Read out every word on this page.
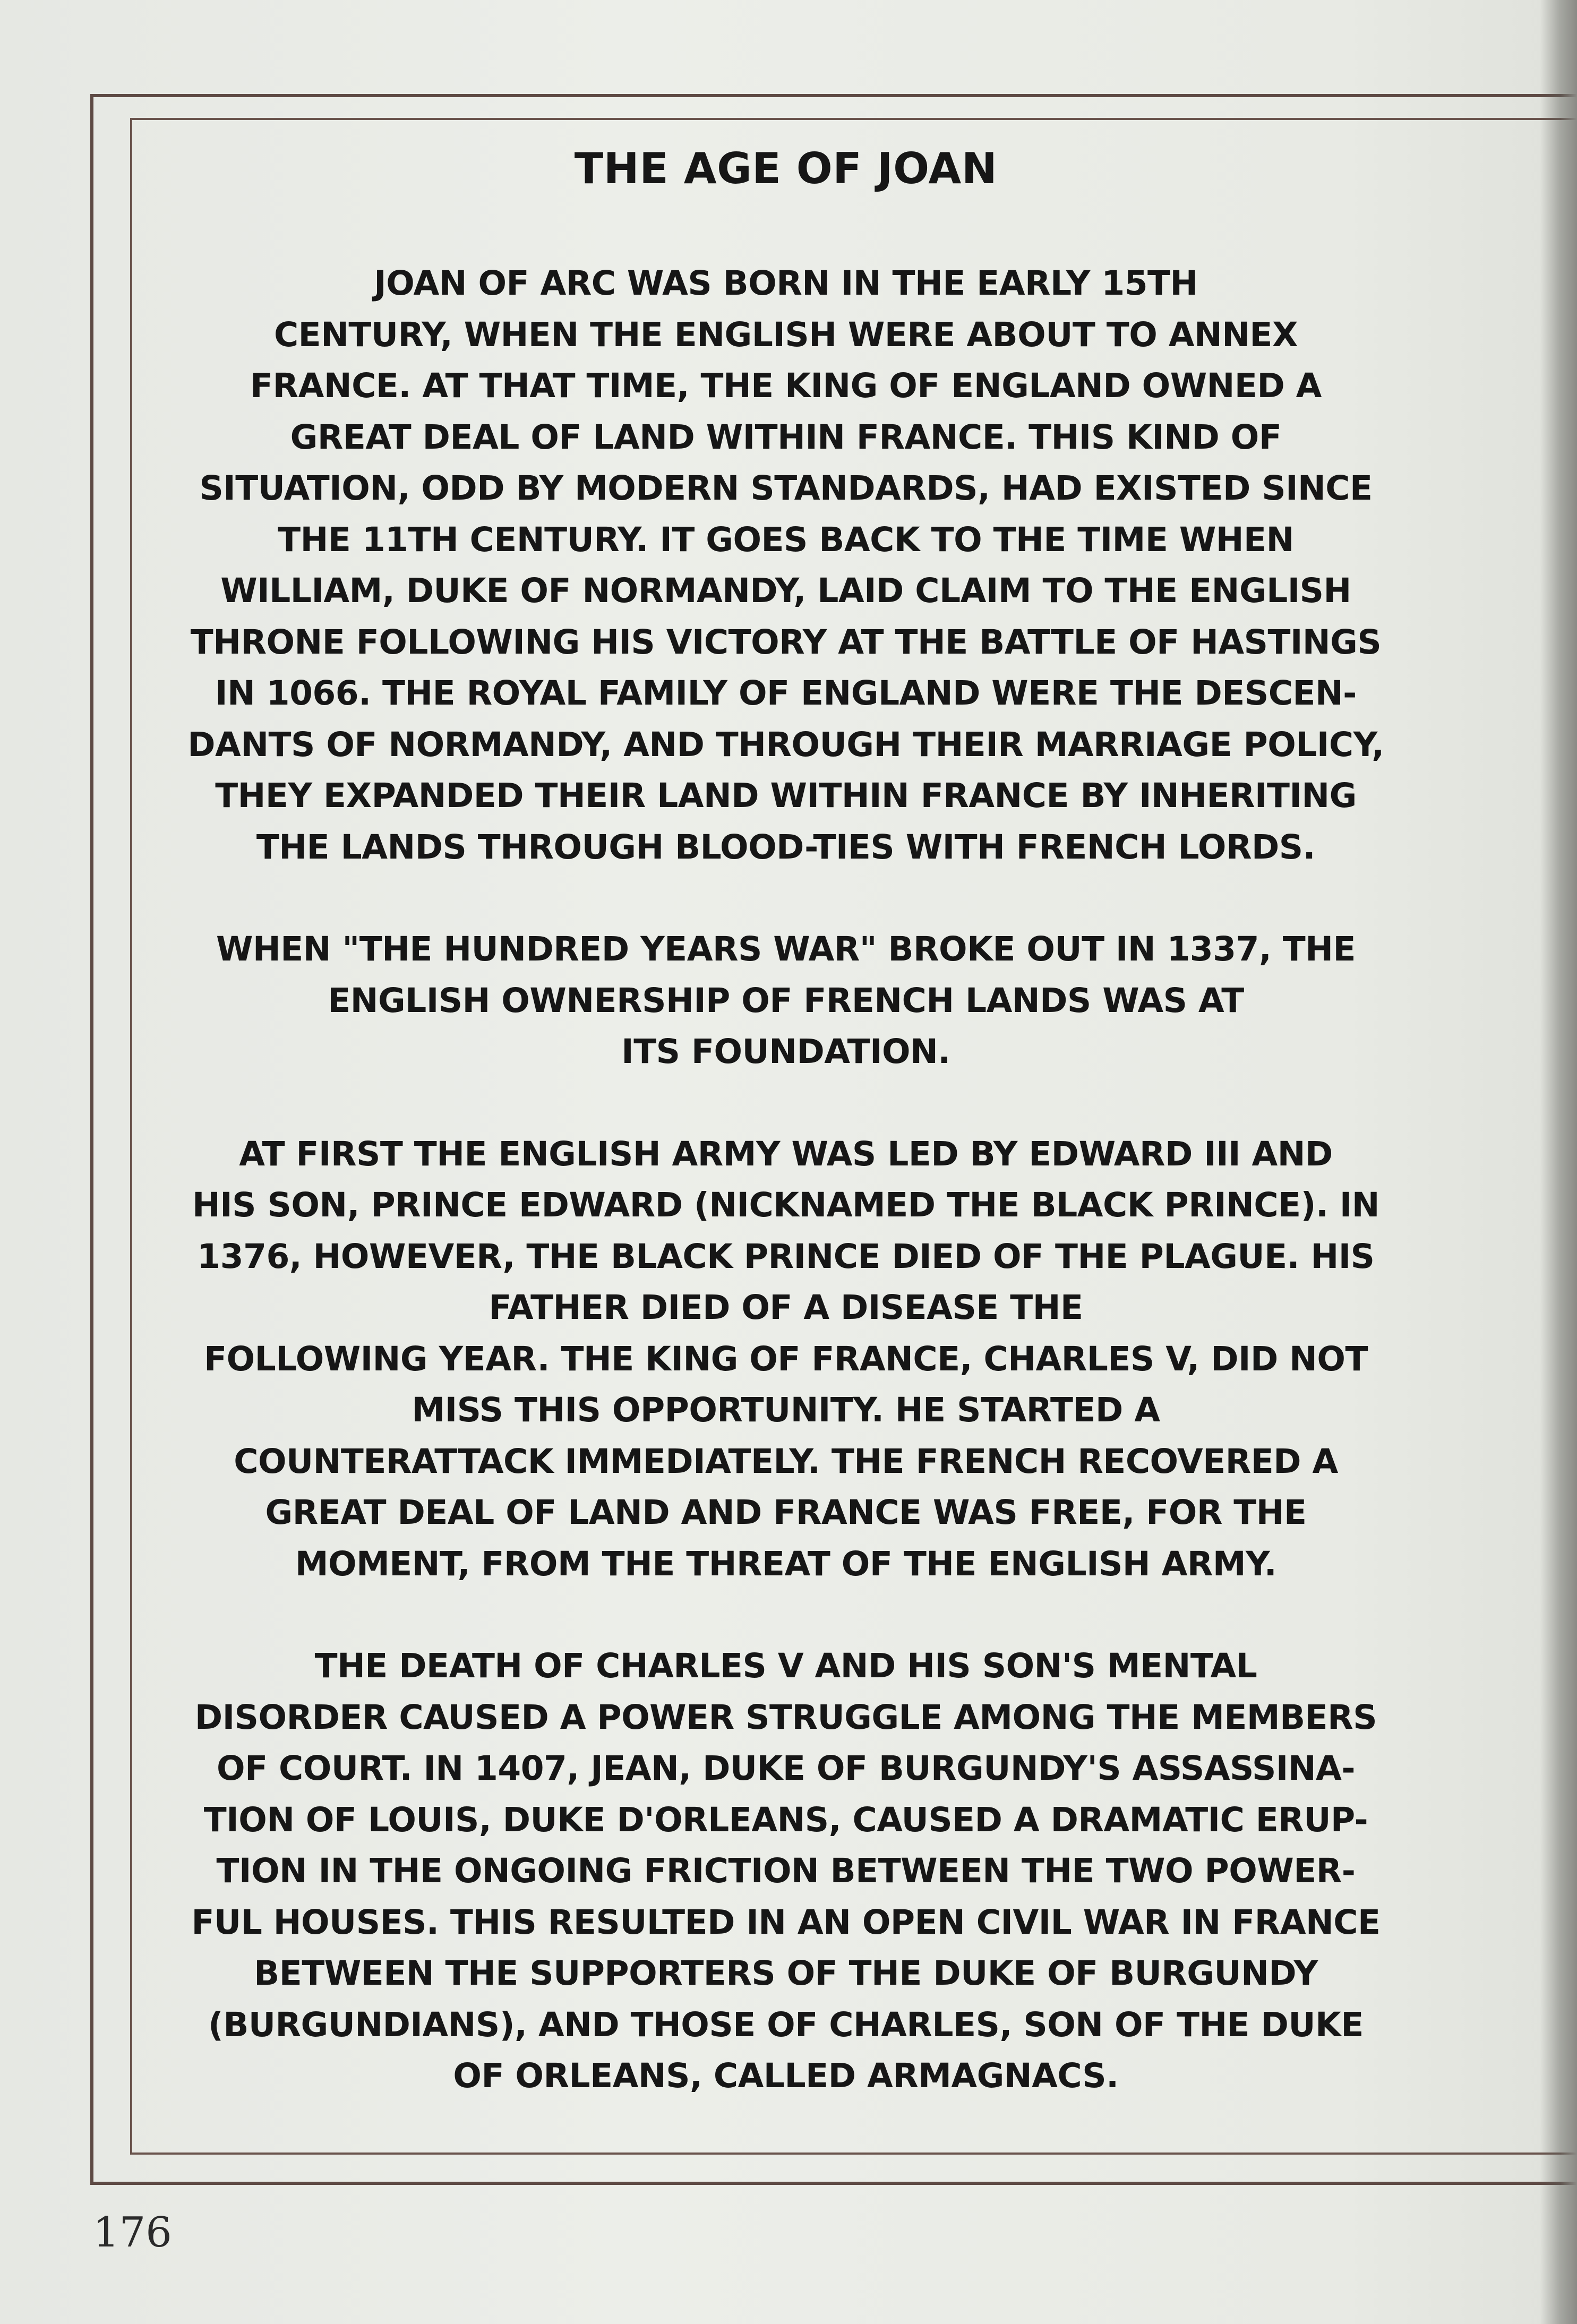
THE AGE OF JOAN
JOAN OF ARC WAS BORN IN THE EARLY 15TH
CENTURY, WHEN THE ENGLISH WERE ABOUT TO ANNEX
FRANCE. AT THAT TIME, THE KING OF ENGLAND OWNED A
GREAT DEAL OF LAND WITHIN FRANCE. THIS KIND OF
SITUATION, ODD BY MODERN STANDARDS, HAD EXISTED SINCE
THE 11TH CENTURY. IT GOES BACK TO THE TIME WHEN
WILLIAM, DUKE OF NORMANDY, LAID CLAIM TO THE ENGLISH
THRONE FOLLOWING HIS VICTORY AT THE BATTLE OF HASTINGS
IN 1066. THE ROYAL FAMILY OF ENGLAND WERE THE DESCEN-
DANTS OF NORMANDY, AND THROUGH THEIR MARRIAGE POLICY,
THEY EXPANDED THEIR LAND WITHIN FRANCE BY INHERITING
THE LANDS THROUGH BLOOD-TIES WITH FRENCH LORDS.
WHEN "THE HUNDRED YEARS WAR" BROKE OUT IN 1337, THE
ENGLISH OWNERSHIP OF FRENCH LANDS WAS AT
ITS FOUNDATION.
AT FIRST THE ENGLISH ARMY WAS LED BY EDWARD III AND
HIS SON, PRINCE EDWARD (NICKNAMED THE BLACK PRINCE). IN
1376, HOWEVER, THE BLACK PRINCE DIED OF THE PLAGUE. HIS
FATHER DIED OF A DISEASE THE
FOLLOWING YEAR. THE KING OF FRANCE, CHARLES V, DID NOT
MISS THIS OPPORTUNITY. HE STARTED A
COUNTERATTACK IMMEDIATELY. THE FRENCH RECOVERED A
GREAT DEAL OF LAND AND FRANCE WAS FREE, FOR THE
MOMENT, FROM THE THREAT OF THE ENGLISH ARMY.
THE DEATH OF CHARLES V AND HIS SON'S MENTAL
DISORDER CAUSED A POWER STRUGGLE AMONG THE MEMBERS
OF COURT. IN 1407, JEAN, DUKE OF BURGUNDY'S ASSASSINA-
TION OF LOUIS, DUKE D'ORLEANS, CAUSED A DRAMATIC ERUP-
TION IN THE ONGOING FRICTION BETWEEN THE TWO POWER-
FUL HOUSES. THIS RESULTED IN AN OPEN CIVIL WAR IN FRANCE
BETWEEN THE SUPPORTERS OF THE DUKE OF BURGUNDY
(BURGUNDIANS), AND THOSE OF CHARLES, SON OF THE DUKE
OF ORLEANS, CALLED ARMAGNACS.
176
